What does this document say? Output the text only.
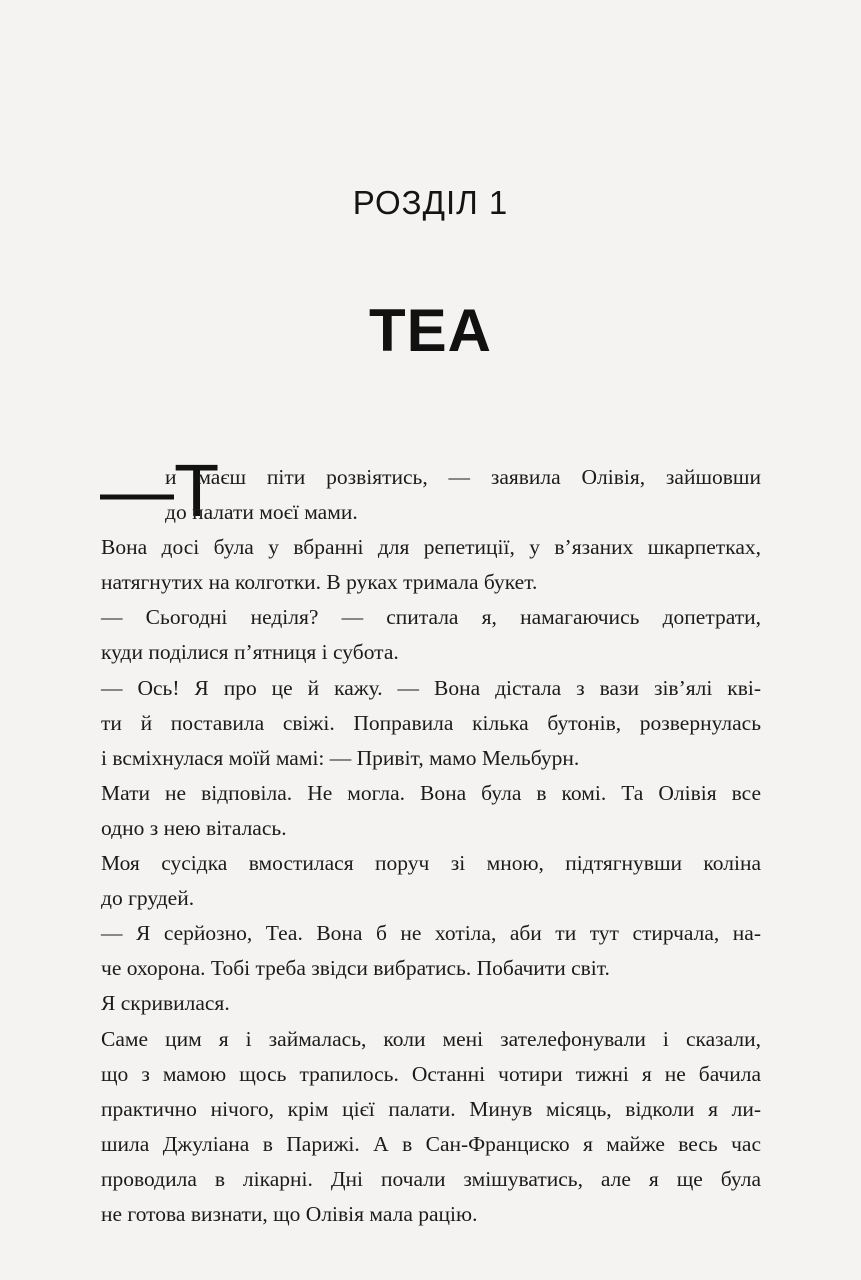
РОЗДІЛ 1
ТЕА
—Т
и маєш піти розвіятись, — заявила Олівія, зайшовши
до палати моєї мами.
Вона досі була у вбранні для репетиції, у в’язаних шкарпетках,
натягнутих на колготки. В руках тримала букет.
— Сьогодні неділя? — спитала я, намагаючись допетрати,
куди поділися п’ятниця і субота.
— Ось! Я про це й кажу. — Вона дістала з вази зів’ялі кві-
ти й поставила свіжі. Поправила кілька бутонів, розвернулась
і всміхнулася моїй мамі: — Привіт, мамо Мельбурн.
Мати не відповіла. Не могла. Вона була в комі. Та Олівія все
одно з нею віталась.
Моя сусідка вмостилася поруч зі мною, підтягнувши коліна
до грудей.
— Я серйозно, Теа. Вона б не хотіла, аби ти тут стирчала, на-
че охорона. Тобі треба звідси вибратись. Побачити світ.
Я скривилася.
Саме цим я і займалась, коли мені зателефонували і сказали,
що з мамою щось трапилось. Останні чотири тижні я не бачила
практично нічого, крім цієї палати. Минув місяць, відколи я ли-
шила Джуліана в Парижі. А в Сан-Франциско я майже весь час
проводила в лікарні. Дні почали змішуватись, але я ще була
не готова визнати, що Олівія мала рацію.
